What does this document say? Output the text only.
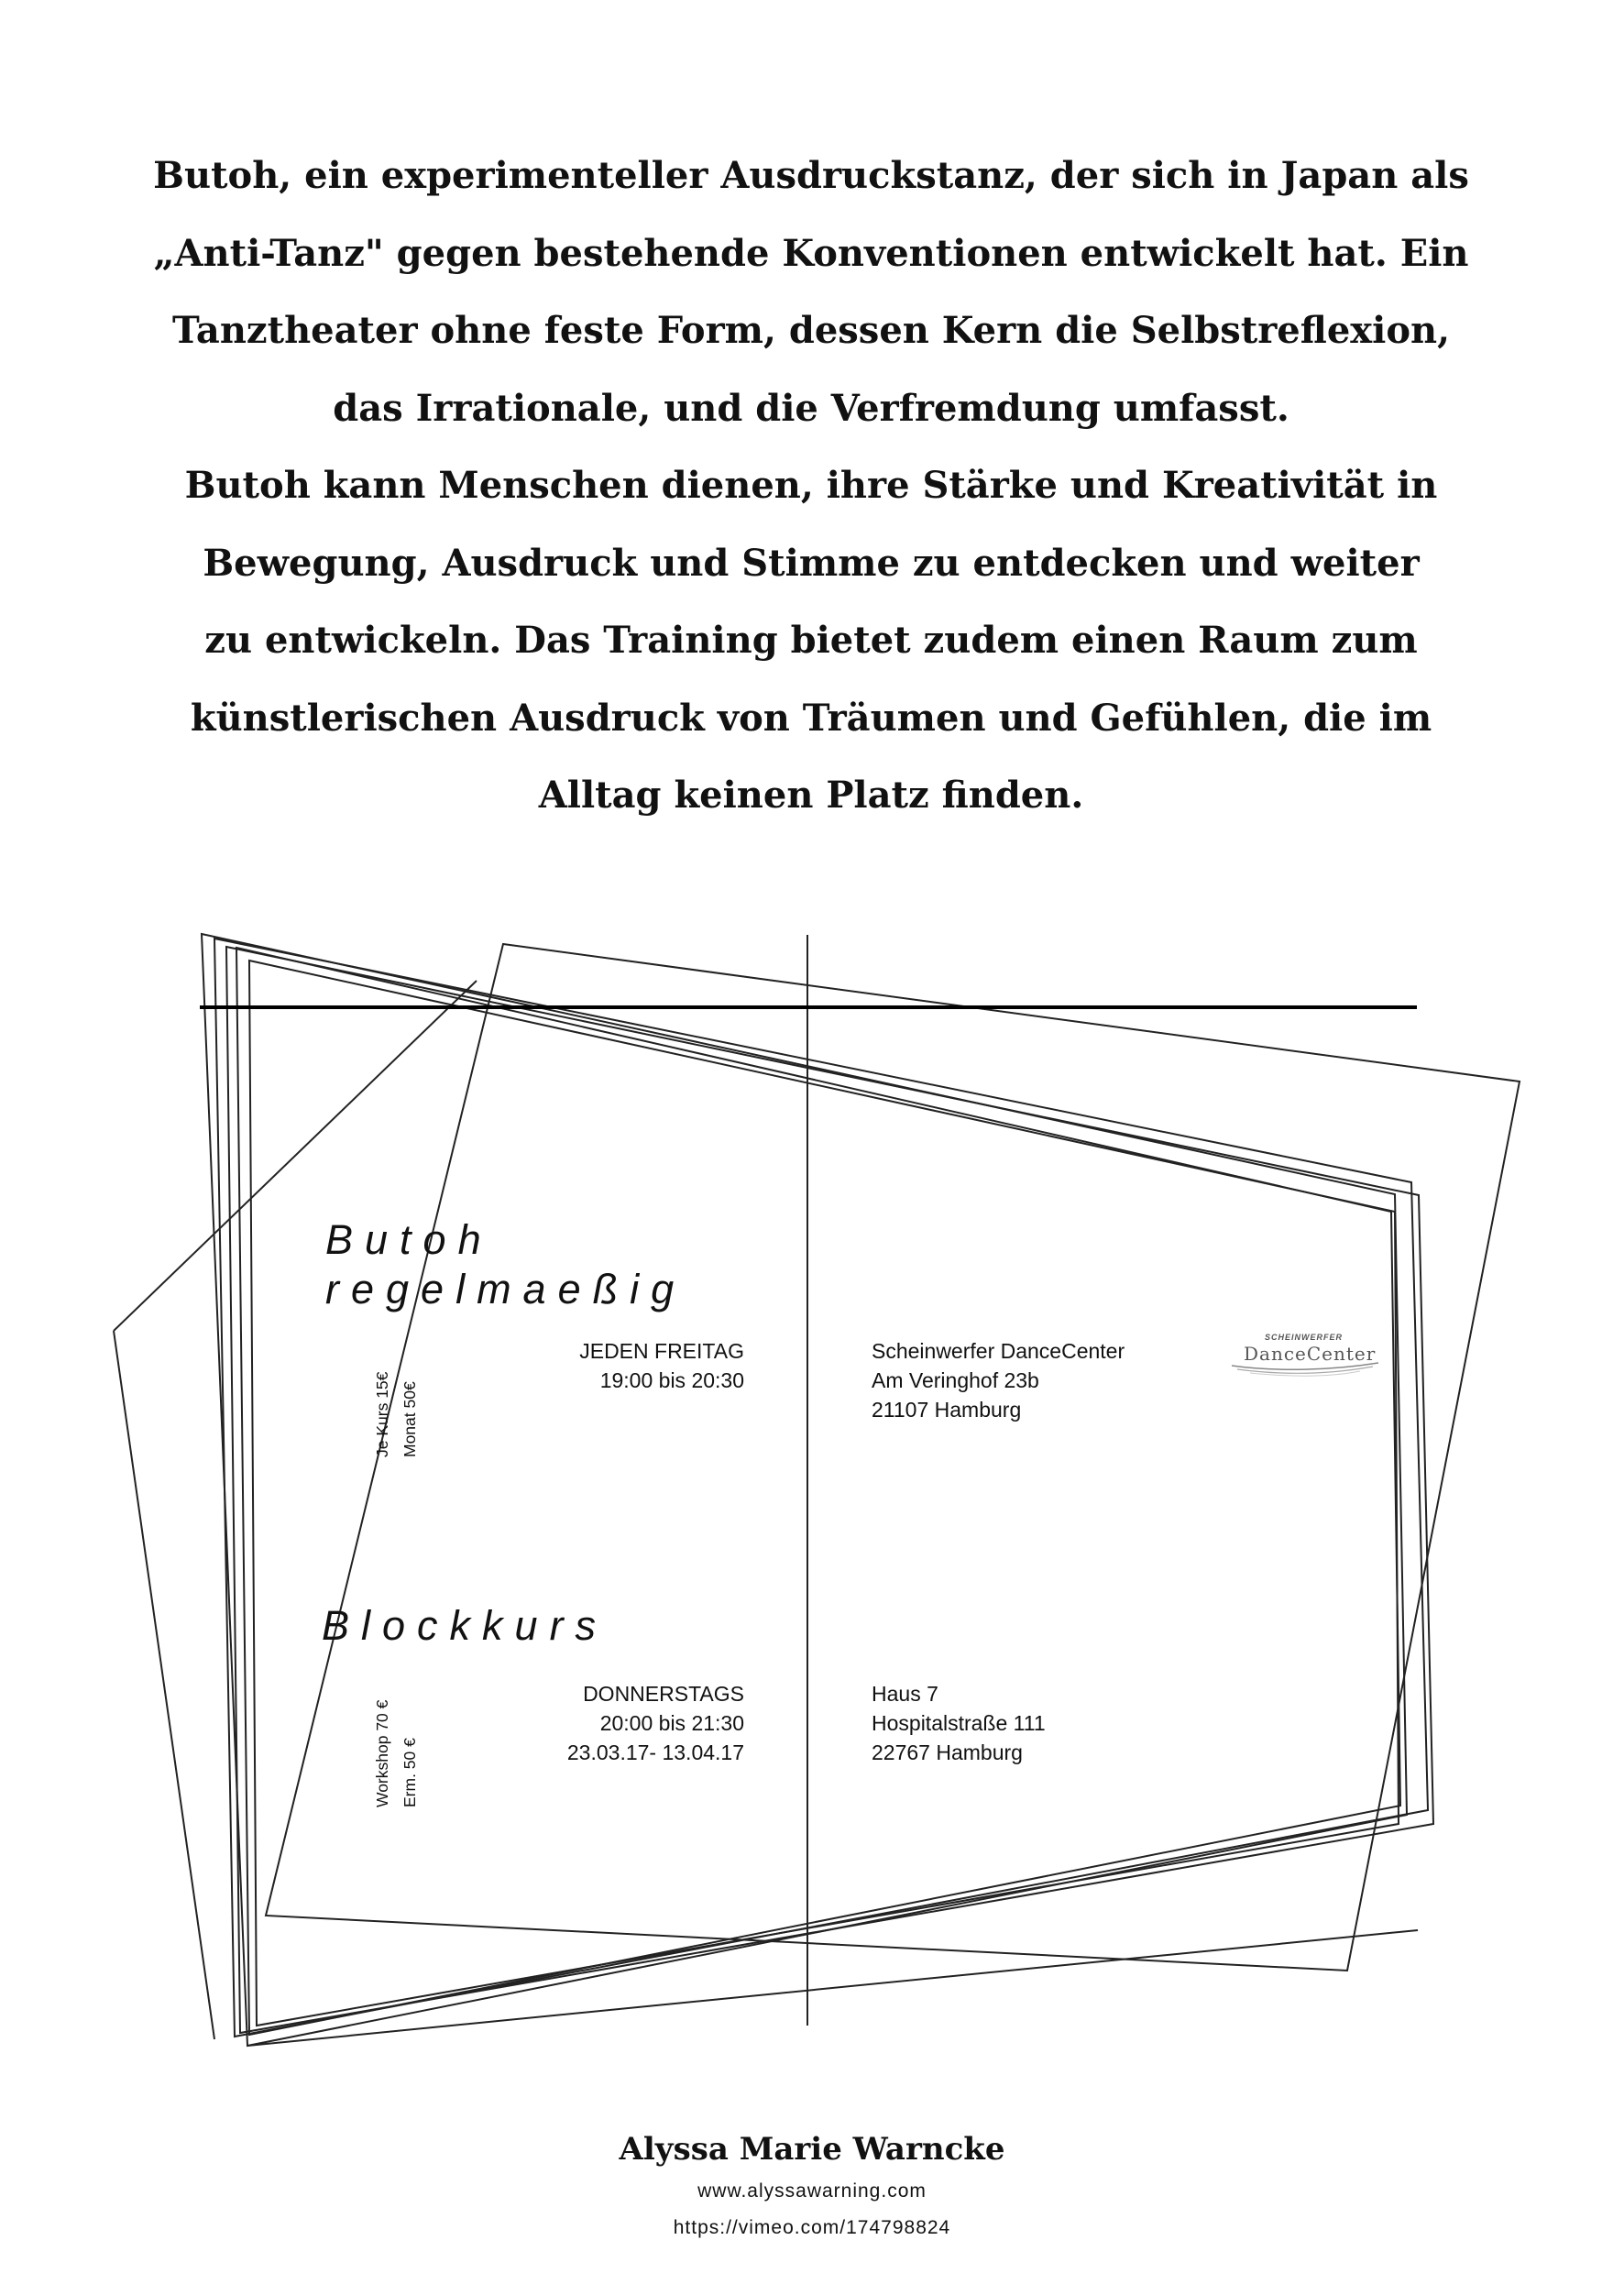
Butoh, ein experimenteller Ausdruckstanz, der sich in Japan als
„Anti-Tanz" gegen bestehende Konventionen entwickelt hat. Ein
Tanztheater ohne feste Form, dessen Kern die Selbstreflexion,
das Irrationale, und die Verfremdung umfasst.
Butoh kann Menschen dienen, ihre Stärke und Kreativität in
Bewegung, Ausdruck und Stimme zu entdecken und weiter
zu entwickeln. Das Training bietet zudem einen Raum zum
künstlerischen Ausdruck von Träumen und Gefühlen, die im
Alltag keinen Platz finden.

Butoh
regelmaeßig
Je Kurs 15€ Monat 50€
JEDEN FREITAG
19:00 bis 20:30
Scheinwerfer DanceCenter
Am Veringhof 23b
21107 Hamburg
SCHEINWERFER
DanceCenter
Blockkurs
Workshop 70 € Erm. 50 €
DONNERSTAGS
20:00 bis 21:30
23.03.17- 13.04.17
Haus 7
Hospitalstraße 111
22767 Hamburg

Alyssa Marie Warncke

www.alyssawarning.com

https://vimeo.com/174798824
